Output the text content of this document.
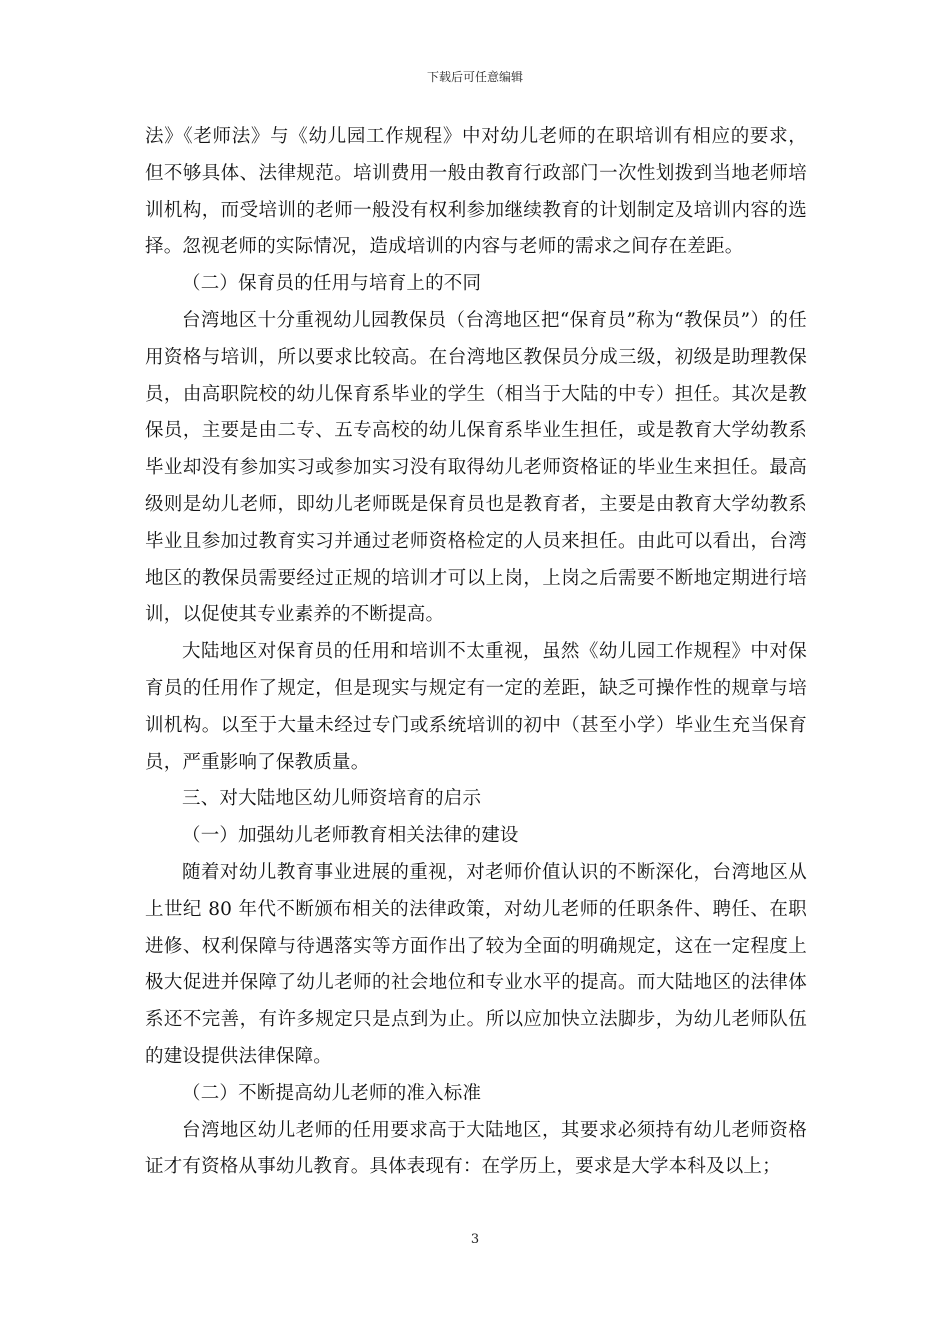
下载后可任意编辑

法》《老师法》与《幼儿园工作规程》中对幼儿老师的在职培训有相应的要求，但不够具体、法律规范。培训费用一般由教育行政部门一次性划拨到当地老师培训机构，而受培训的老师一般没有权利参加继续教育的计划制定及培训内容的选择。忽视老师的实际情况，造成培训的内容与老师的需求之间存在差距。

（二）保育员的任用与培育上的不同

台湾地区十分重视幼儿园教保员（台湾地区把“保育员”称为“教保员”）的任用资格与培训，所以要求比较高。在台湾地区教保员分成三级，初级是助理教保员，由高职院校的幼儿保育系毕业的学生（相当于大陆的中专）担任。其次是教保员，主要是由二专、五专高校的幼儿保育系毕业生担任，或是教育大学幼教系毕业却没有参加实习或参加实习没有取得幼儿老师资格证的毕业生来担任。最高级则是幼儿老师，即幼儿老师既是保育员也是教育者，主要是由教育大学幼教系毕业且参加过教育实习并通过老师资格检定的人员来担任。由此可以看出，台湾地区的教保员需要经过正规的培训才可以上岗，上岗之后需要不断地定期进行培训，以促使其专业素养的不断提高。

大陆地区对保育员的任用和培训不太重视，虽然《幼儿园工作规程》中对保育员的任用作了规定，但是现实与规定有一定的差距，缺乏可操作性的规章与培训机构。以至于大量未经过专门或系统培训的初中（甚至小学）毕业生充当保育员，严重影响了保教质量。

三、对大陆地区幼儿师资培育的启示

（一）加强幼儿老师教育相关法律的建设

随着对幼儿教育事业进展的重视，对老师价值认识的不断深化，台湾地区从上世纪 80 年代不断颁布相关的法律政策，对幼儿老师的任职条件、聘任、在职进修、权利保障与待遇落实等方面作出了较为全面的明确规定，这在一定程度上极大促进并保障了幼儿老师的社会地位和专业水平的提高。而大陆地区的法律体系还不完善，有许多规定只是点到为止。所以应加快立法脚步，为幼儿老师队伍的建设提供法律保障。

（二）不断提高幼儿老师的准入标准

台湾地区幼儿老师的任用要求高于大陆地区，其要求必须持有幼儿老师资格证才有资格从事幼儿教育。具体表现有：在学历上，要求是大学本科及以上；

3
